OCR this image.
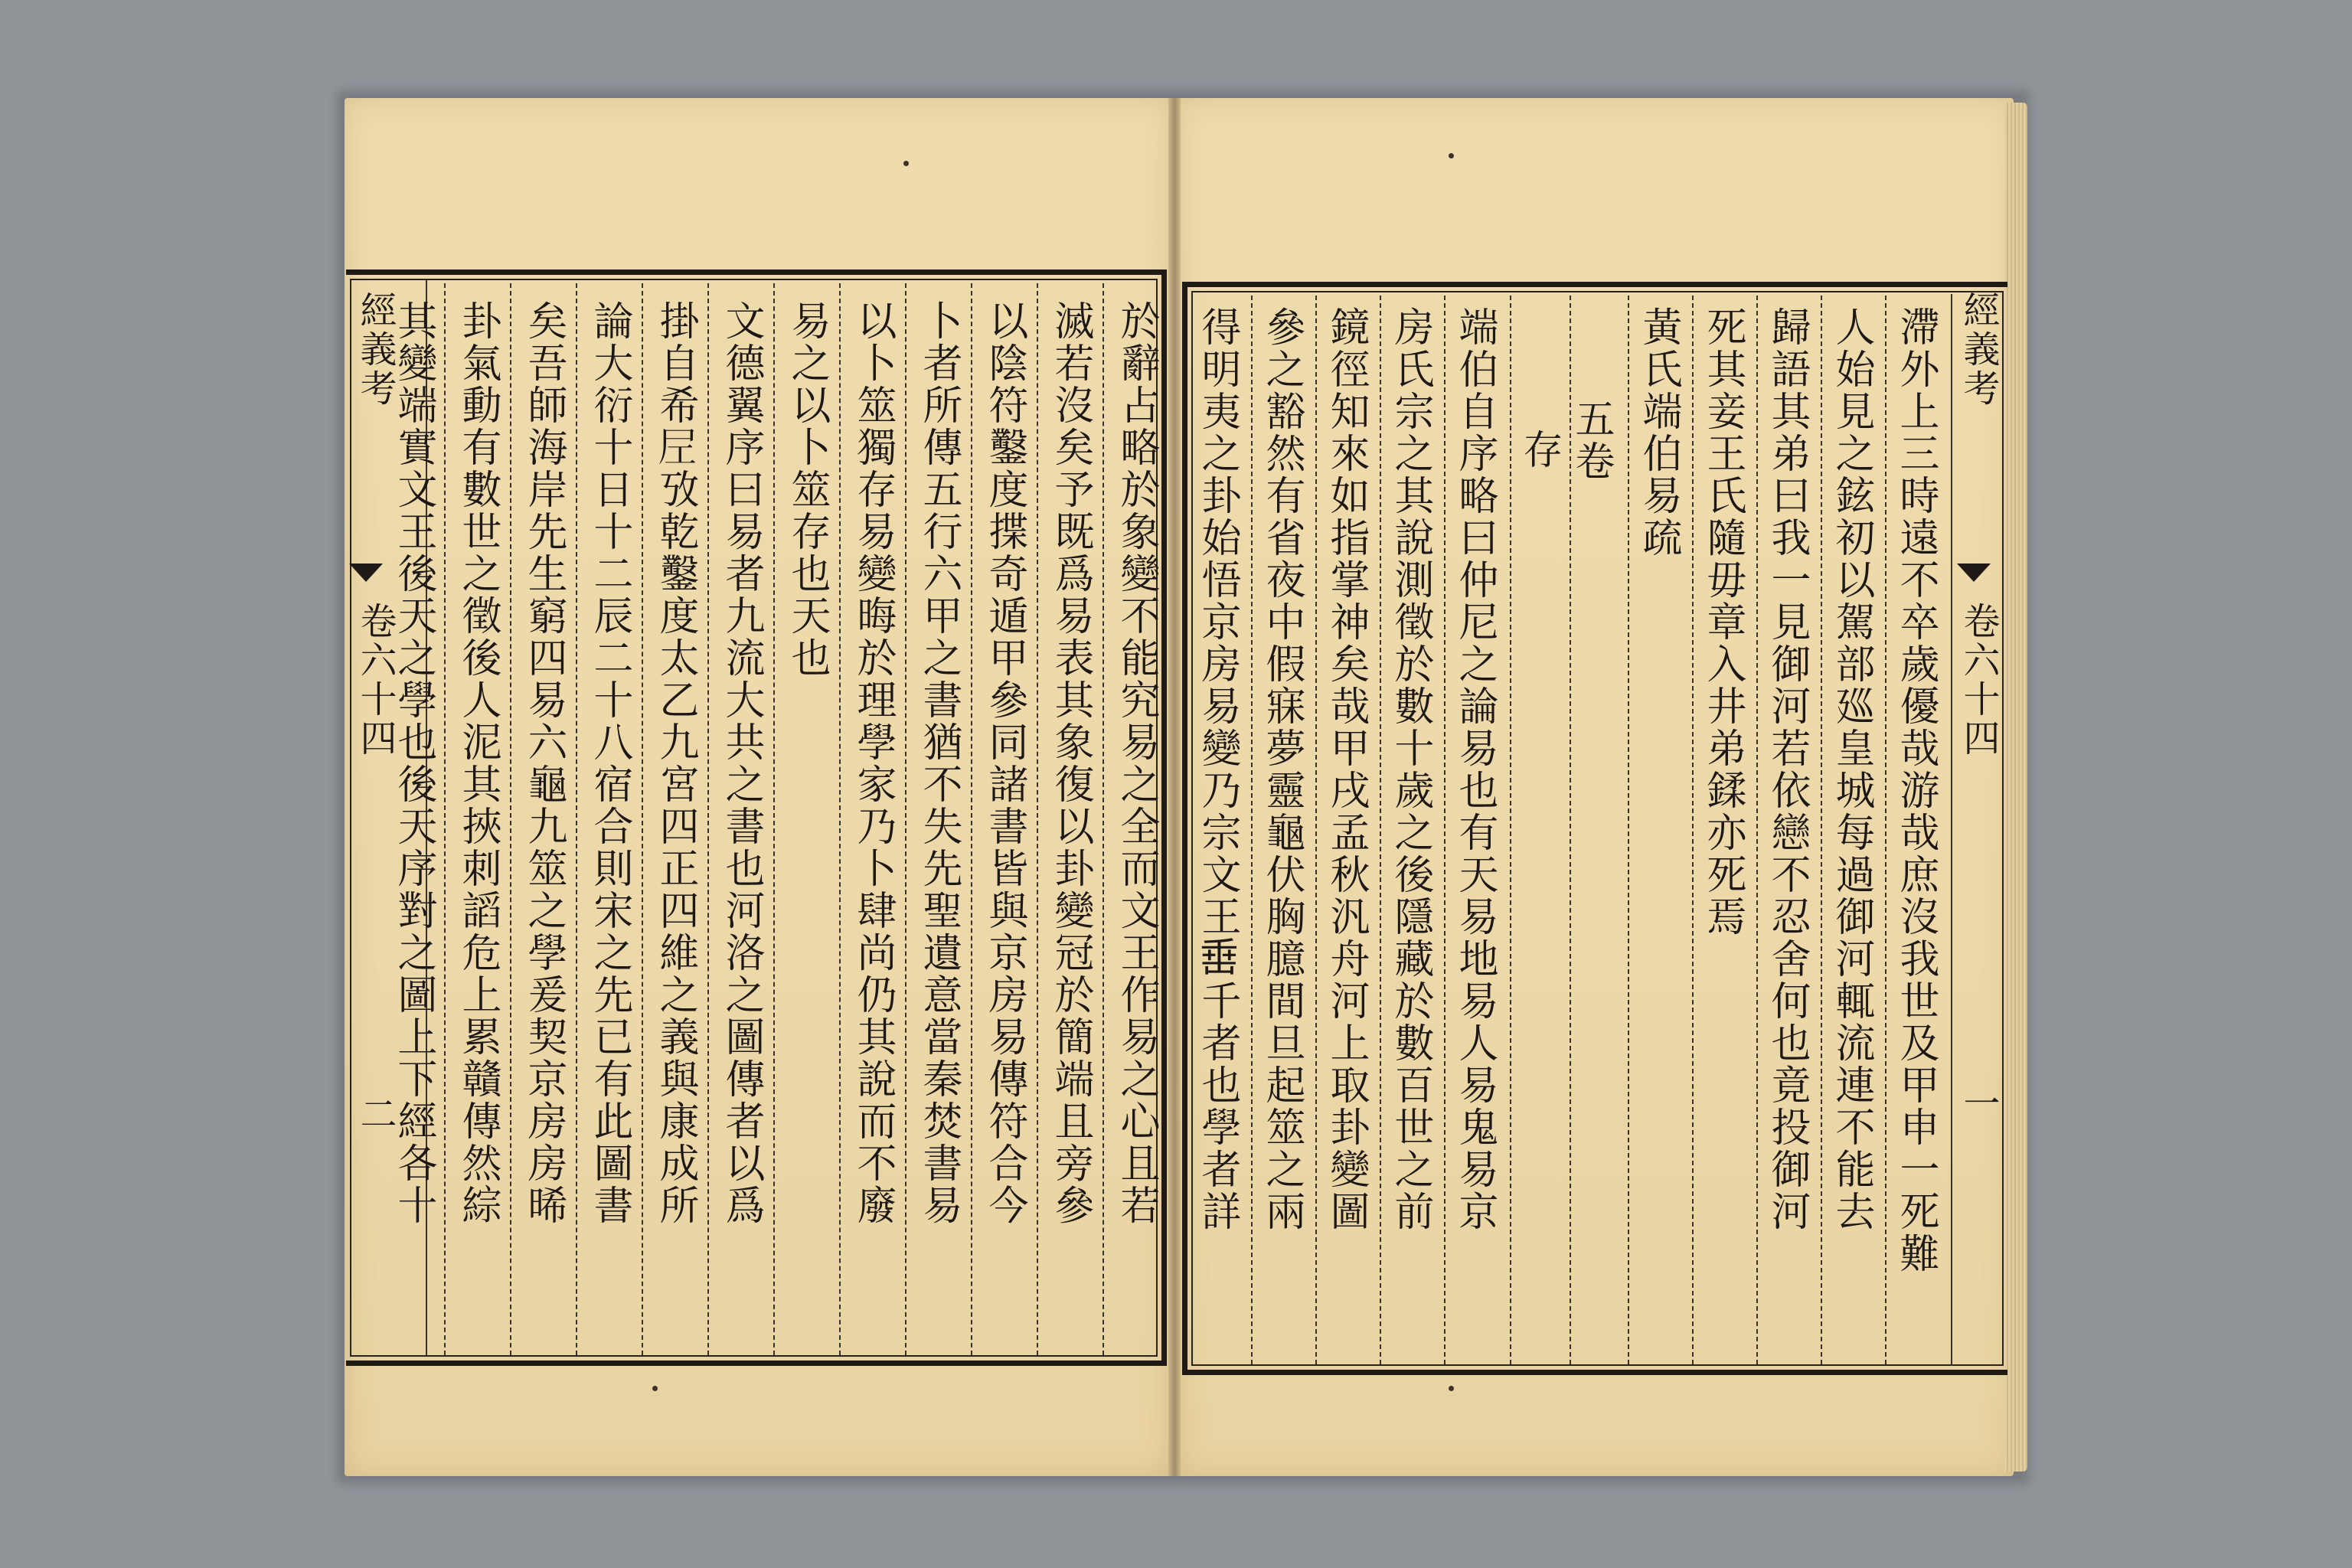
經義考
卷六十四
二	於辭占略於象變不能究易之全而文王作易之心且若
滅若沒矣予既爲易表其象復以卦變冠於簡端且旁參
以陰符鑿度揲奇遁甲參同諸書皆與京房易傳符合今
卜者所傳五行六甲之書猶不失先聖遺意當秦焚書易
以卜筮獨存易變晦於理學家乃卜肆尚仍其說而不廢
易之以卜筮存也天也
文德翼序曰易者九流大共之書也河洛之圖傳者以爲
掛自希𡰱攷乾鑿度太乙九宮四正四維之義與康成所
論大衍十日十二辰二十八宿合則宋之先已有此圖書
矣吾師海岸先生窮四易六龜九筮之學爰契京房房晞
卦氣動有數世之徵後人泥其挾刺謟危上累贛傳然綜
其變端實文王後天之學也後天序對之圖上下經各十	經義考
卷六十四
一
滯外上三時遠不卒歲優哉游哉庶沒我世及甲申一死難
人始見之鉉初以駕部廵皇城每過御河輒流連不能去
歸語其弟曰我一見御河若依戀不忍舍何也竟投御河
死其妾王氏隨毋章入井弟鍒亦死焉
黃氏端伯易疏
五卷
存
端伯自序略曰仲尼之論易也有天易地易人易鬼易京
房氏宗之其說測徵於數十歲之後隱藏於數百世之前
鏡徑知來如指掌神矣哉甲戌孟秋汎舟河上取卦變圖
參之豁然有省夜中假寐夢靈龜伏胸臆間旦起筮之兩
得明夷之卦始悟京房易變乃宗文王𡸁千者也學者詳
